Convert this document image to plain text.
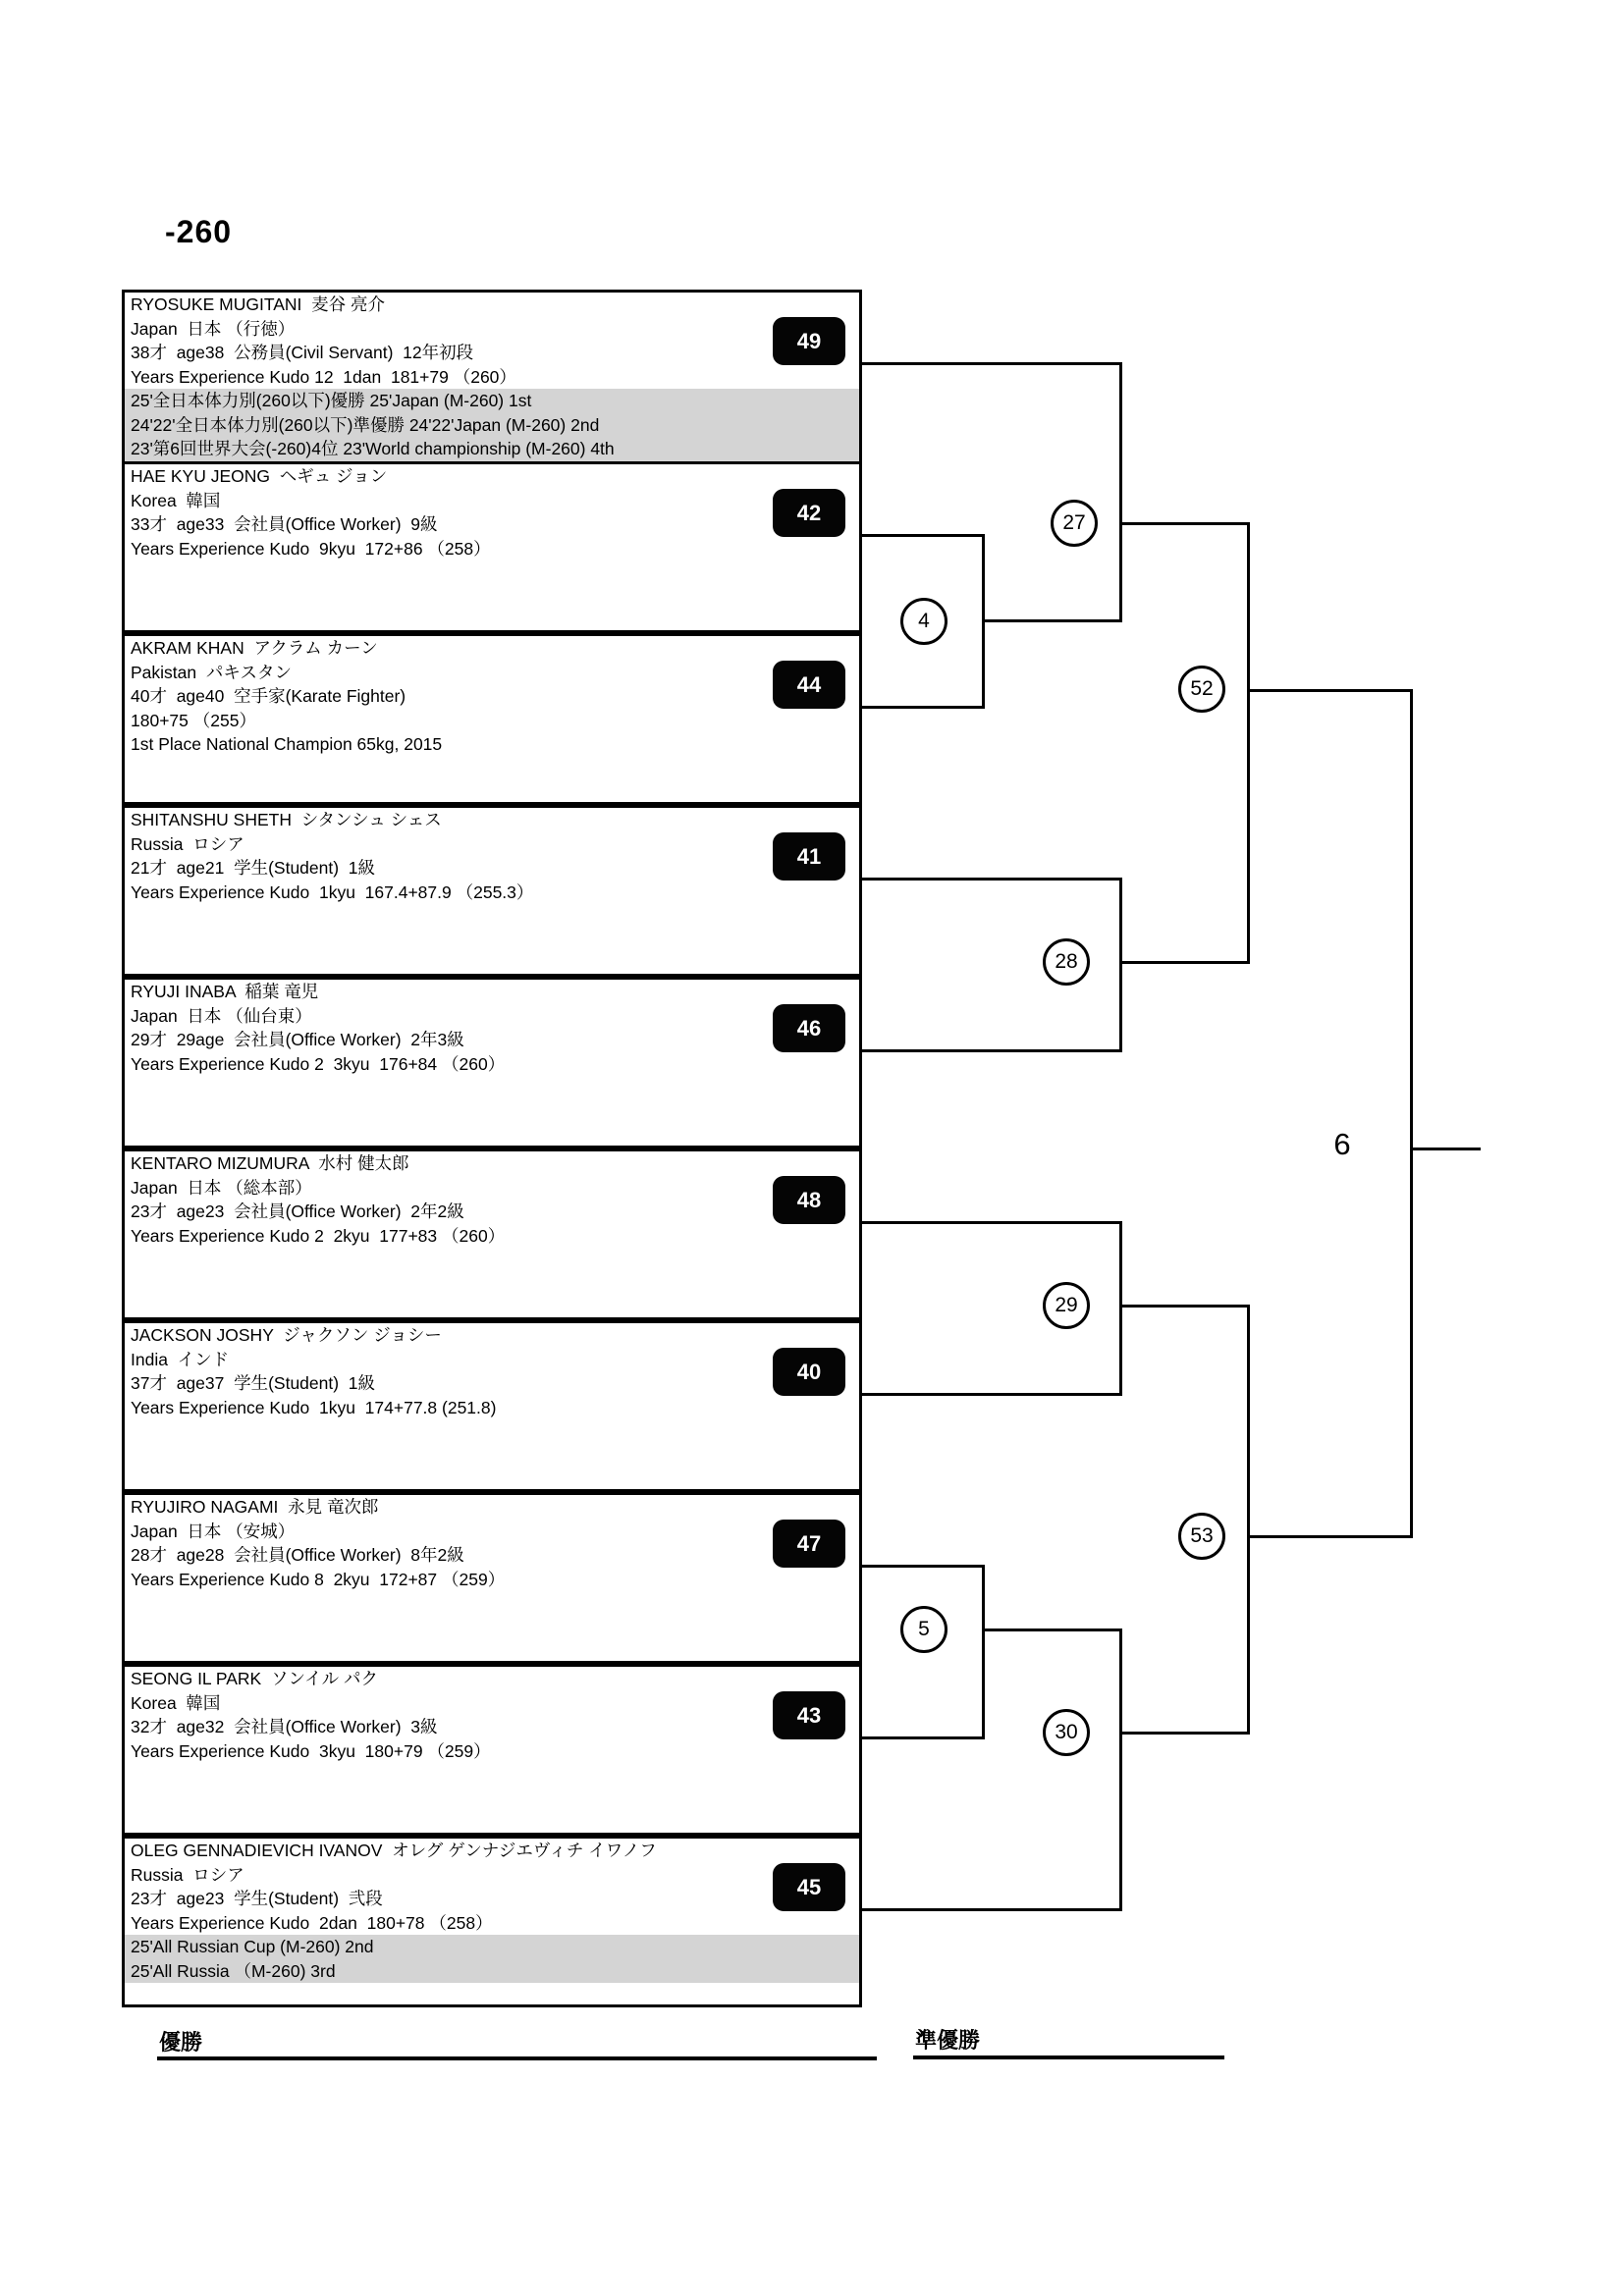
-260
RYOSUKE MUGITANI  麦谷 亮介
Japan  日本 （行徳）
38才  age38  公務員(Civil Servant)  12年初段
Years Experience Kudo 12  1dan  181+79 （260）
25'全日本体力別(260以下)優勝 25'Japan (M-260) 1st
24'22'全日本体力別(260以下)準優勝 24'22'Japan (M-260) 2nd
23'第6回世界大会(-260)4位 23'World championship (M-260) 4th
49
HAE KYU JEONG  ヘギュ ジョン
Korea  韓国
33才  age33  会社員(Office Worker)  9級
Years Experience Kudo  9kyu  172+86 （258）
42
AKRAM KHAN  アクラム カーン
Pakistan  パキスタン
40才  age40  空手家(Karate Fighter)
180+75 （255）
1st Place National Champion 65kg, 2015
44
SHITANSHU SHETH  シタンシュ シェス
Russia  ロシア
21才  age21  学生(Student)  1級
Years Experience Kudo  1kyu  167.4+87.9 （255.3）
41
RYUJI INABA  稲葉 竜児
Japan  日本 （仙台東）
29才  29age  会社員(Office Worker)  2年3級
Years Experience Kudo 2  3kyu  176+84 （260）
46
KENTARO MIZUMURA  水村 健太郎
Japan  日本 （総本部）
23才  age23  会社員(Office Worker)  2年2級
Years Experience Kudo 2  2kyu  177+83 （260）
48
JACKSON JOSHY  ジャクソン ジョシー
India  インド
37才  age37  学生(Student)  1級
Years Experience Kudo  1kyu  174+77.8 (251.8)
40
RYUJIRO NAGAMI  永見 竜次郎
Japan  日本 （安城）
28才  age28  会社員(Office Worker)  8年2級
Years Experience Kudo 8  2kyu  172+87 （259）
47
SEONG IL PARK  ソンイル パク
Korea  韓国
32才  age32  会社員(Office Worker)  3級
Years Experience Kudo  3kyu  180+79 （259）
43
OLEG GENNADIEVICH IVANOV  オレグ ゲンナジエヴィチ イワノフ
Russia  ロシア
23才  age23  学生(Student)  弐段
Years Experience Kudo  2dan  180+78 （258）
25'All Russian Cup (M-260) 2nd
25'All Russia （M-260) 3rd
45
4
27
28
52
29
5
30
53
6
優勝	準優勝
